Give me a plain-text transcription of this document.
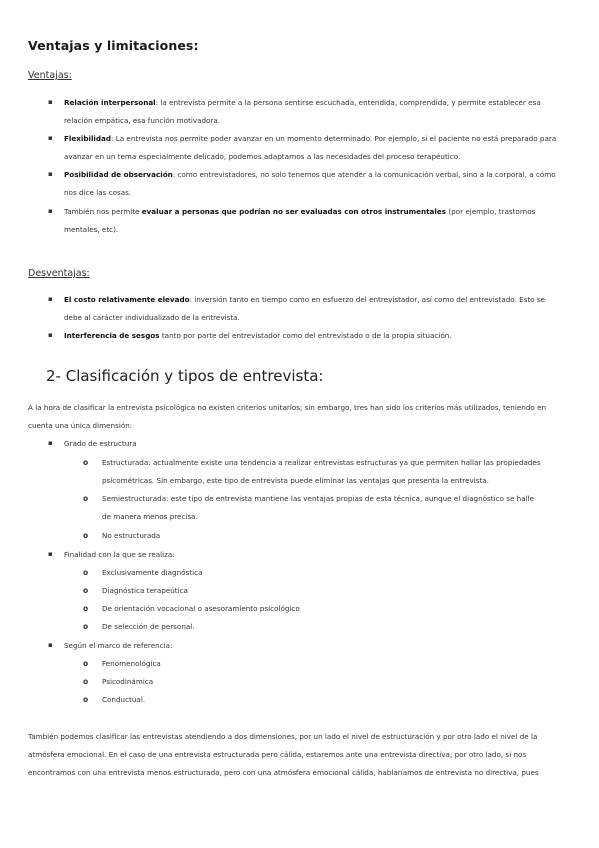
Ventajas y limitaciones:
Ventajas:
▪ Relación interpersonal: la entrevista permite a la persona sentirse escuchada, entendida, comprendida, y permite establecer esa relación empática, esa función motivadora.
▪ Flexibilidad: La entrevista nos permite poder avanzar en un momento determinado. Por ejemplo, si el paciente no está preparado para avanzar en un tema especialmente delicado, podemos adaptarnos a las necesidades del proceso terapéutico.
▪ Posibilidad de observación: como entrevistadores, no solo tenemos que atender a la comunicación verbal, sino a la corporal, a cómo nos dice las cosas.
▪ También nos permite evaluar a personas que podrían no ser evaluadas con otros instrumentales (por ejemplo, trastornos mentales, etc).
Desventajas:
▪ El costo relativamente elevado: inversión tanto en tiempo como en esfuerzo del entrevistador, así como del entrevistado. Esto se debe al carácter individualizado de la entrevista.
▪ Interferencia de sesgos tanto por parte del entrevistador como del entrevistado o de la propia situación.
2- Clasificación y tipos de entrevista:
A la hora de clasificar la entrevista psicológica no existen criterios unitarios; sin embargo, tres han sido los criterios más utilizados, teniendo en cuenta una única dimensión:
▪ Grado de estructura
o Estructurada: actualmente existe una tendencia a realizar entrevistas estructuras ya que permiten hallar las propiedades psicométricas. Sin embargo, este tipo de entrevista puede eliminar las ventajas que presenta la entrevista.
o Semiestructurada: este tipo de entrevista mantiene las ventajas propias de esta técnica, aunque el diagnóstico se halle de manera menos precisa.
o No estructurada
▪ Finalidad con la que se realiza:
o Exclusivamente diagnóstica
o Diagnóstica terapeútica
o De orientación vocacional o asesoramiento psicológico
o De selección de personal.
▪ Según el marco de referencia:
o Fenomenológica
o Psicodinámica
o Conductual.
También podemos clasificar las entrevistas atendiendo a dos dimensiones, por un lado el nivel de estructuración y por otro lado el nivel de la atmósfera emocional. En el caso de una entrevista estructurada pero cálida, estaremos ante una entrevista directiva; por otro lado, si nos encontramos con una entrevista menos estructurada, pero con una atmósfera emocional cálida, hablaríamos de entrevista no directiva, pues
